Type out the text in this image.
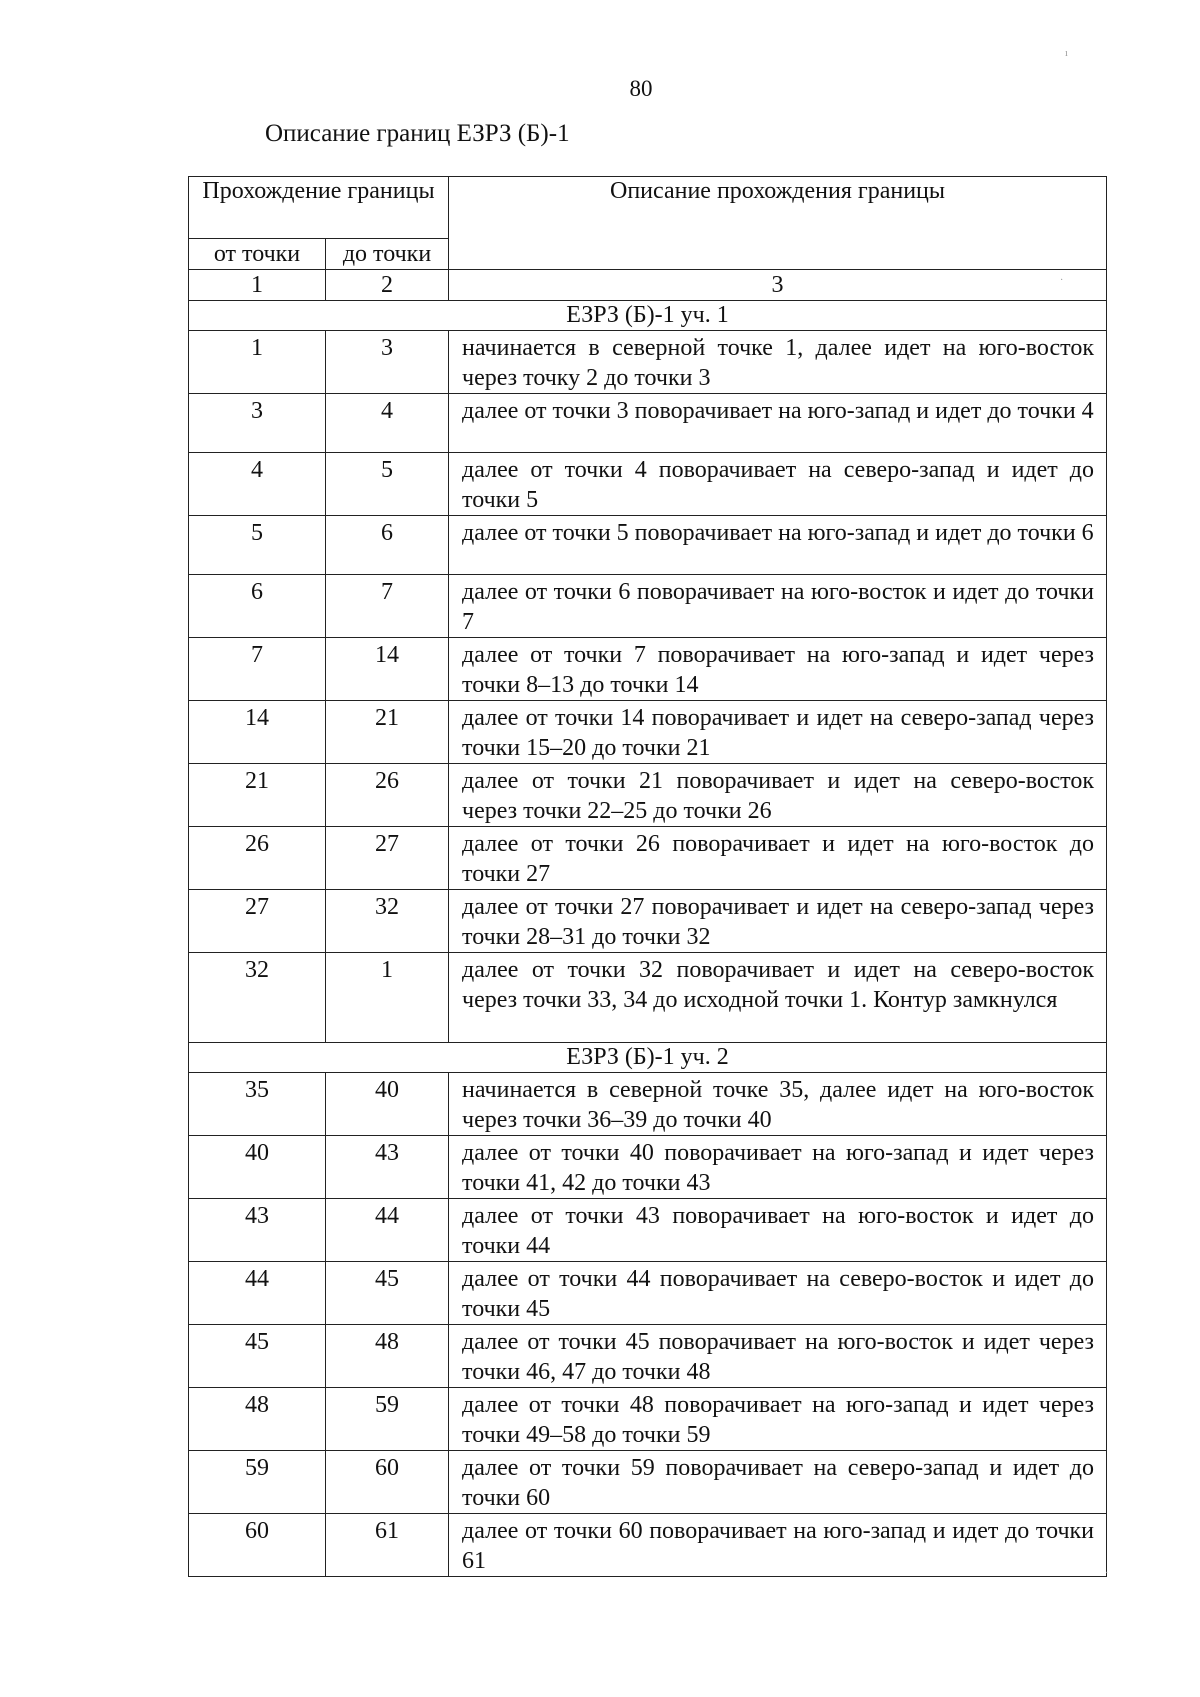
80
Описание границ ЕЗРЗ (Б)-1
Прохождение границы		Описание прохождения границы
от точки	до точки	
1	2	3
ЕЗРЗ (Б)-1 уч. 1		
1	3	начинается в северной точке 1, далее идет на юго-восток через точку 2 до точки 3
3	4	далее от точки 3 поворачивает на юго-запад и идет до точки 4
4	5	далее от точки 4 поворачивает на северо-запад и идет до точки 5
5	6	далее от точки 5 поворачивает на юго-запад и идет до точки 6
6	7	далее от точки 6 поворачивает на юго-восток и идет до точки 7
7	14	далее от точки 7 поворачивает на юго-запад и идет через точки 8–13 до точки 14
14	21	далее от точки 14 поворачивает и идет на северо-запад через точки 15–20 до точки 21
21	26	далее от точки 21 поворачивает и идет на северо-восток через точки 22–25 до точки 26
26	27	далее от точки 26 поворачивает и идет на юго-восток до точки 27
27	32	далее от точки 27 поворачивает и идет на северо-запад через точки 28–31 до точки 32
32	1	далее от точки 32 поворачивает и идет на северо-восток через точки 33, 34 до исходной точки 1. Контур замкнулся
ЕЗРЗ (Б)-1 уч. 2		
35	40	начинается в северной точке 35, далее идет на юго-восток через точки 36–39 до точки 40
40	43	далее от точки 40 поворачивает на юго-запад и идет через точки 41, 42 до точки 43
43	44	далее от точки 43 поворачивает на юго-восток и идет до точки 44
44	45	далее от точки 44 поворачивает на северо-восток и идет до точки 45
45	48	далее от точки 45 поворачивает на юго-восток и идет через точки 46, 47 до точки 48
48	59	далее от точки 48 поворачивает на юго-запад и идет через точки 49–58 до точки 59
59	60	далее от точки 59 поворачивает на северо-запад и идет до точки 60
60	61	далее от точки 60 поворачивает на юго-запад и идет до точки 61
ı
·
·
